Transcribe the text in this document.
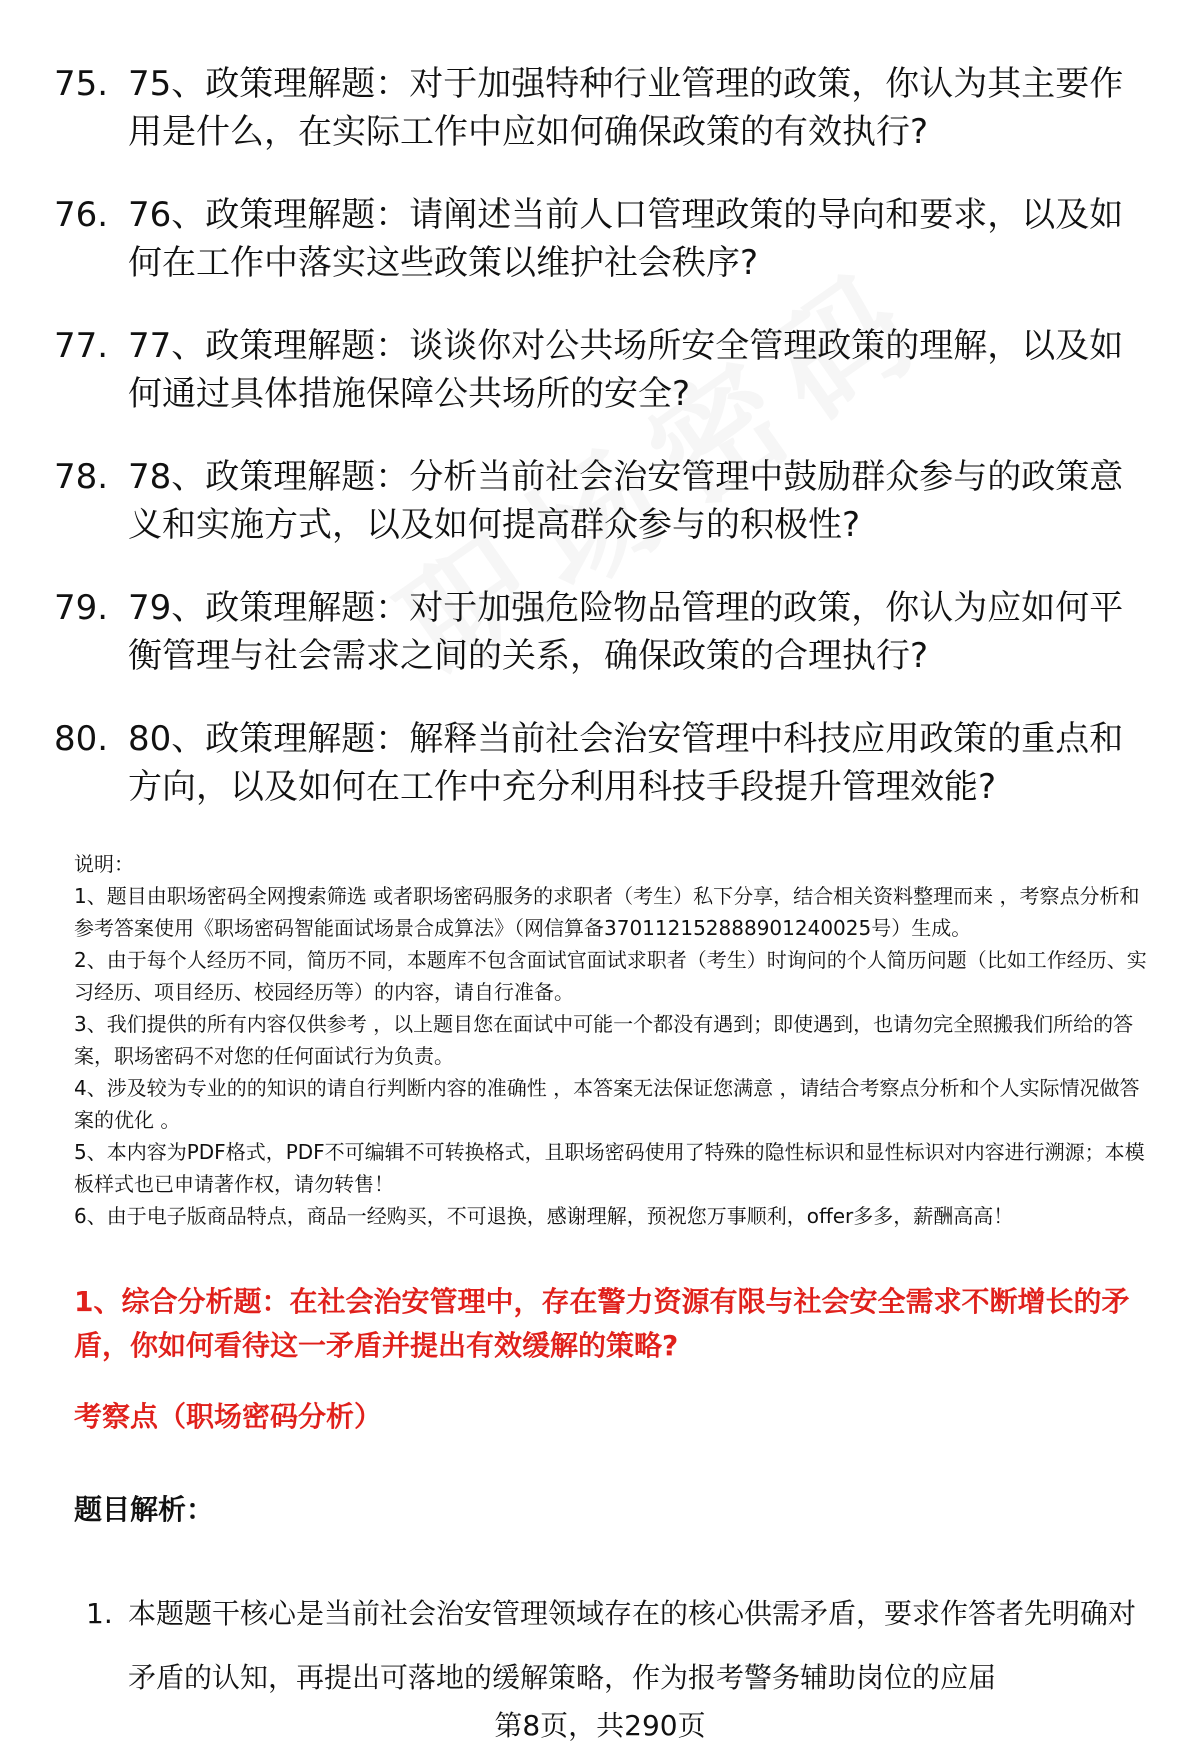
75. 75、政策理解题：对于加强特种行业管理的政策，你认为其主要作用是什么，在实际工作中应如何确保政策的有效执行?
76. 76、政策理解题：请阐述当前人口管理政策的导向和要求，以及如何在工作中落实这些政策以维护社会秩序?
77. 77、政策理解题：谈谈你对公共场所安全管理政策的理解，以及如何通过具体措施保障公共场所的安全?
78. 78、政策理解题：分析当前社会治安管理中鼓励群众参与的政策意义和实施方式，以及如何提高群众参与的积极性?
79. 79、政策理解题：对于加强危险物品管理的政策，你认为应如何平衡管理与社会需求之间的关系，确保政策的合理执行?
80. 80、政策理解题：解释当前社会治安管理中科技应用政策的重点和方向，以及如何在工作中充分利用科技手段提升管理效能?

说明：

1、题目由职场密码全网搜索筛选 或者职场密码服务的求职者（考生）私下分享，结合相关资料整理而来 ，考察点分析和参考答案使用《职场密码智能面试场景合成算法》（网信算备370112152888901240025号）生成。

2、由于每个人经历不同，简历不同，本题库不包含面试官面试求职者（考生）时询问的个人简历问题（比如工作经历、实习经历、项目经历、校园经历等）的内容，请自行准备。

3、我们提供的所有内容仅供参考 ，以上题目您在面试中可能一个都没有遇到；即使遇到，也请勿完全照搬我们所给的答案，职场密码不对您的任何面试行为负责。

4、涉及较为专业的的知识的请自行判断内容的准确性 ，本答案无法保证您满意 ，请结合考察点分析和个人实际情况做答案的优化 。

5、本内容为PDF格式，PDF不可编辑不可转换格式，且职场密码使用了特殊的隐性标识和显性标识对内容进行溯源；本模板样式也已申请著作权，请勿转售！

6、由于电子版商品特点，商品一经购买，不可退换，感谢理解，预祝您万事顺利，offer多多，薪酬高高！

1、综合分析题：在社会治安管理中，存在警力资源有限与社会安全需求不断增长的矛盾，你如何看待这一矛盾并提出有效缓解的策略?

考察点（职场密码分析）

题目解析：

1. 本题题干核心是当前社会治安管理领域存在的核心供需矛盾，要求作答者先明确对矛盾的认知，再提出可落地的缓解策略，作为报考警务辅助岗位的应届
第8页，共290页
